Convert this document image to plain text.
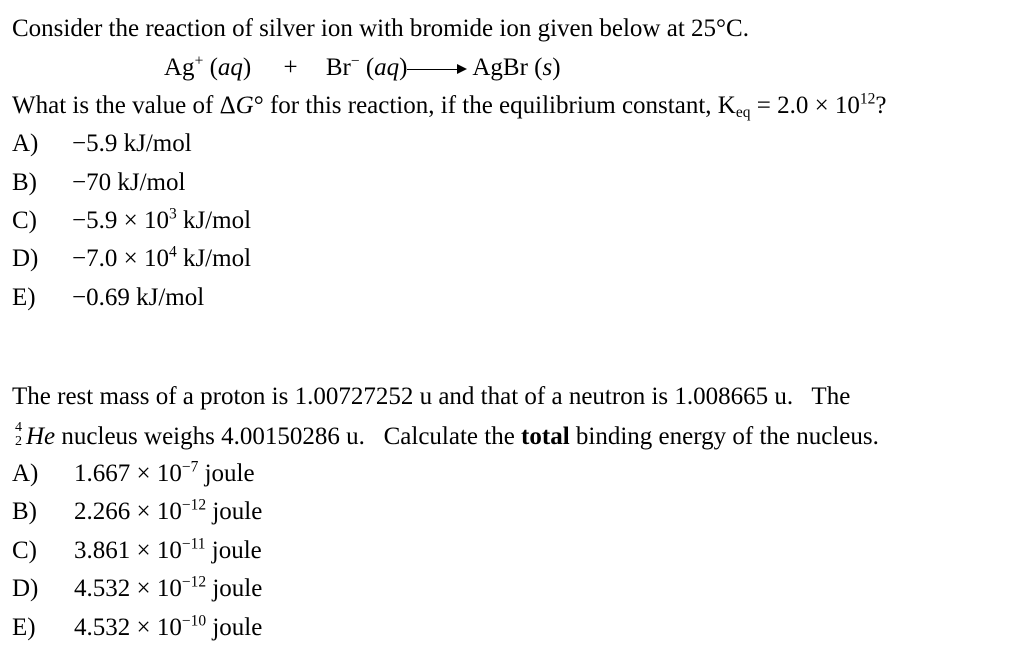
Consider the reaction of silver ion with bromide ion given below at 25°C.
Ag+ (aq) + Br− (aq)	AgBr (s)
What is the value of ΔG° for this reaction, if the equilibrium constant, $K_{eq} = 2.0 \times 10^{12}$?
A) −5.9 kJ/mol
B) −70 kJ/mol
$C) -5.9 \times 10^3$ kJ/mol
$D) -7.0 \times 10^4$ kJ/mol
E) −0.69 kJ/mol
The rest mass of a proton is 1.00727252 u and that of a neutron is 1.008665 u.   The
4
2 He nucleus weighs 4.00150286 u.   Calculate the total binding energy of the nucleus.
A) $1.667 \times 10^{-7}$ joule
B) $2.266 \times 10^{-12}$ joule
C) $3.861 \times 10^{-11}$ joule
D) $4.532 \times 10^{-12}$ joule
E) $4.532 \times 10^{-10}$ joule
